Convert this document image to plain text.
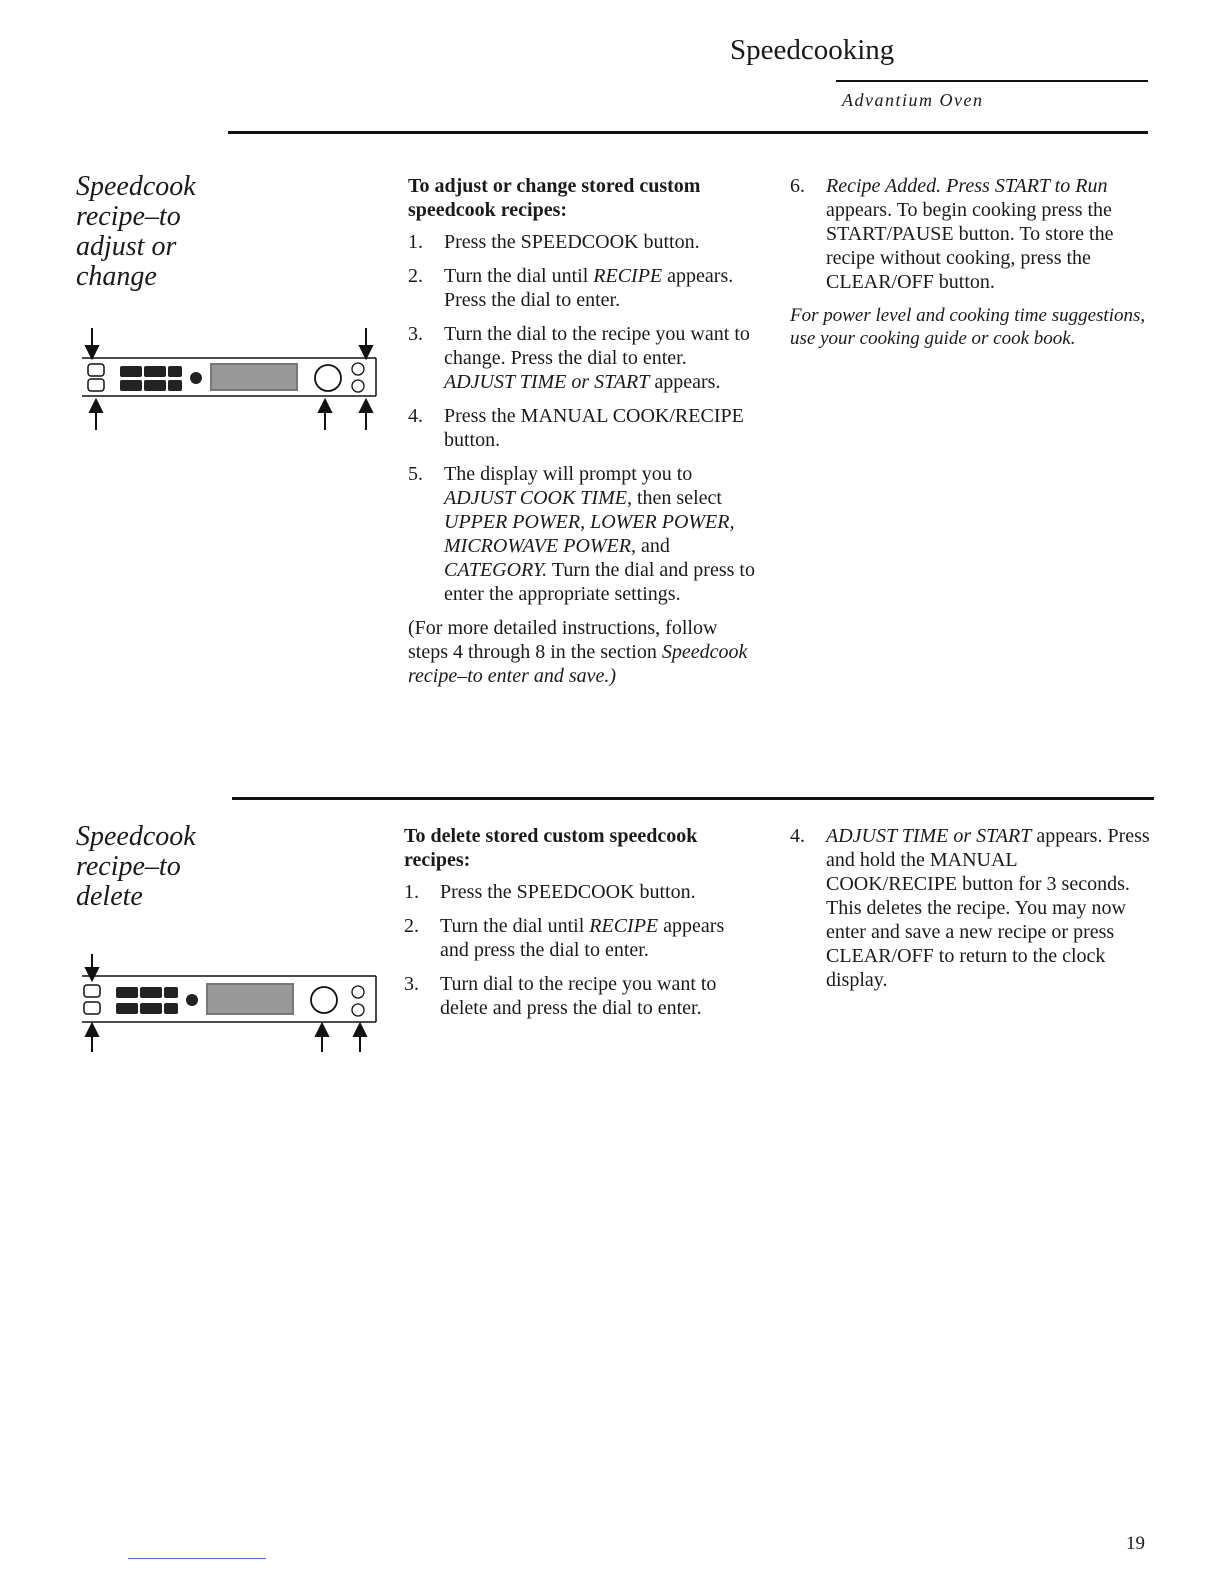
Speedcooking
Advantium Oven
Speedcook
recipe–to
adjust or
change
To adjust or change stored custom speedcook recipes:
1.	Press the SPEEDCOOK button.
2.	Turn the dial until RECIPE appears. Press the dial to enter.
3.	Turn the dial to the recipe you want to change. Press the dial to enter. ADJUST TIME or START appears.
4.	Press the MANUAL COOK/RECIPE button.
5.	The display will prompt you to ADJUST COOK TIME, then select UPPER POWER, LOWER POWER, MICROWAVE POWER, and CATEGORY. Turn the dial and press to enter the appropriate settings.
(For more detailed instructions, follow steps 4 through 8 in the section Speedcook recipe–to enter and save.)
6.	Recipe Added. Press START to Run appears. To begin cooking press the START/PAUSE button. To store the recipe without cooking, press the CLEAR/OFF button.
For power level and cooking time suggestions, use your cooking guide or cook book.
Speedcook
recipe–to
delete
To delete stored custom speedcook recipes:
1.	Press the SPEEDCOOK button.
2.	Turn the dial until RECIPE appears and press the dial to enter.
3.	Turn dial to the recipe you want to delete and press the dial to enter.
4.	ADJUST TIME or START appears. Press and hold the MANUAL COOK/RECIPE button for 3 seconds. This deletes the recipe. You may now enter and save a new recipe or press CLEAR/OFF to return to the clock display.
19
